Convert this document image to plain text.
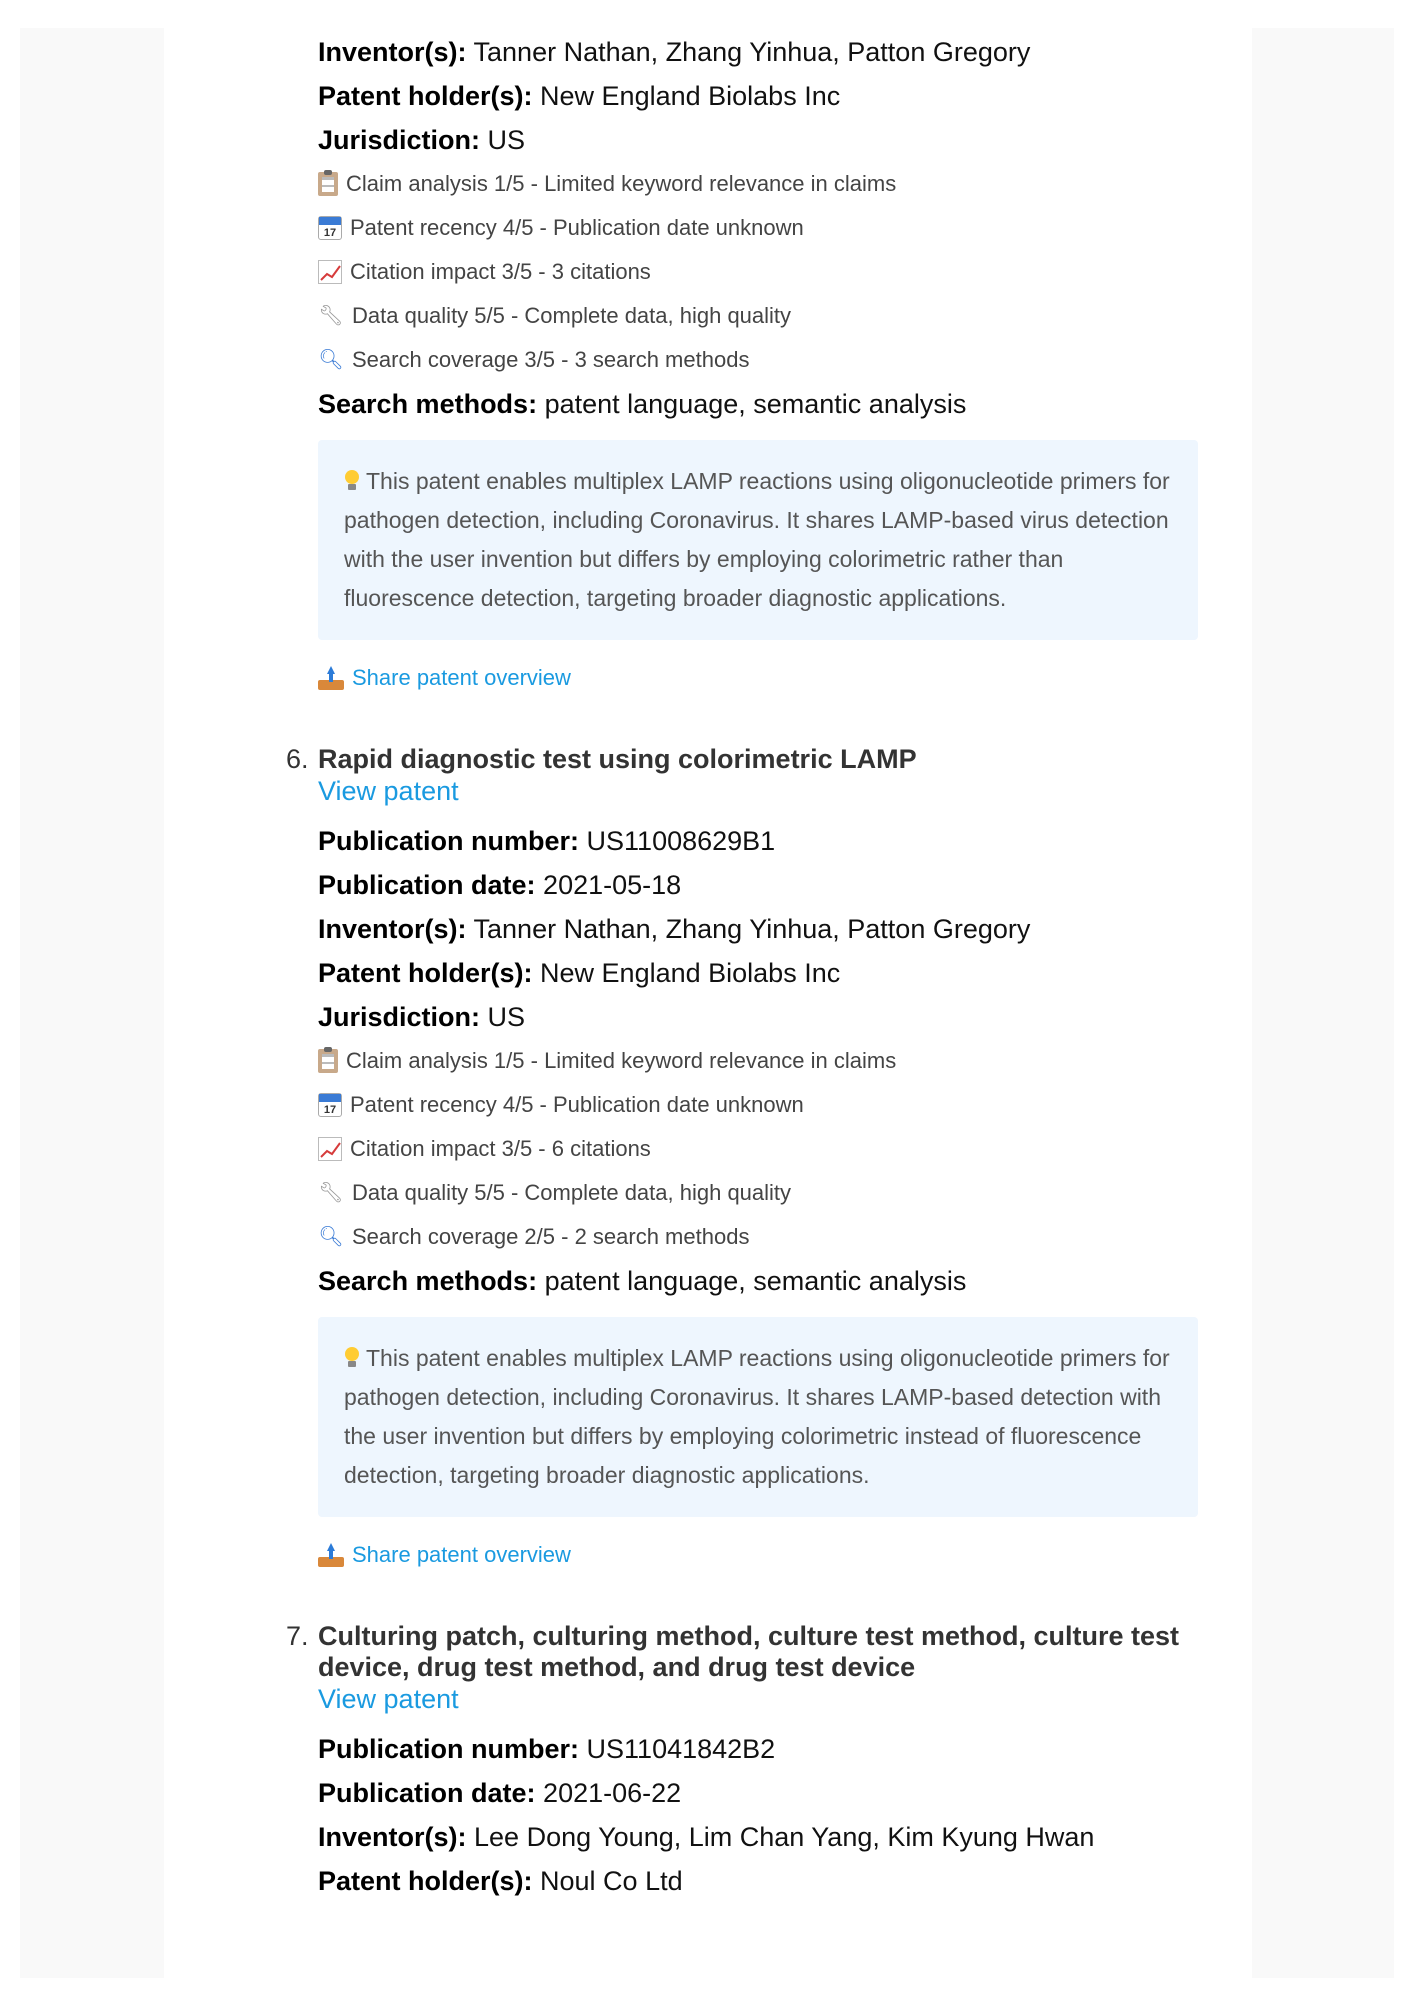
Inventor(s): Tanner Nathan, Zhang Yinhua, Patton Gregory
Patent holder(s): New England Biolabs Inc
Jurisdiction: US
Claim analysis 1/5 - Limited keyword relevance in claims
17
Patent recency 4/5 - Publication date unknown
Citation impact 3/5 - 3 citations
🔧︎ Data quality 5/5 - Complete data, high quality
🔍︎ Search coverage 3/5 - 3 search methods
Search methods: patent language, semantic analysis
This patent enables multiplex LAMP reactions using oligonucleotide primers for pathogen detection, including Coronavirus. It shares LAMP-based virus detection with the user invention but differs by employing colorimetric rather than fluorescence detection, targeting broader diagnostic applications.
Share patent overview
6. Rapid diagnostic test using colorimetric LAMP
View patent
Publication number: US11008629B1
Publication date: 2021-05-18
Inventor(s): Tanner Nathan, Zhang Yinhua, Patton Gregory
Patent holder(s): New England Biolabs Inc
Jurisdiction: US
Claim analysis 1/5 - Limited keyword relevance in claims
17
Patent recency 4/5 - Publication date unknown
Citation impact 3/5 - 6 citations
🔧︎ Data quality 5/5 - Complete data, high quality
🔍︎ Search coverage 2/5 - 2 search methods
Search methods: patent language, semantic analysis
This patent enables multiplex LAMP reactions using oligonucleotide primers for pathogen detection, including Coronavirus. It shares LAMP-based detection with the user invention but differs by employing colorimetric instead of fluorescence detection, targeting broader diagnostic applications.
Share patent overview
7. Culturing patch, culturing method, culture test method, culture test device, drug test method, and drug test device
View patent
Publication number: US11041842B2
Publication date: 2021-06-22
Inventor(s): Lee Dong Young, Lim Chan Yang, Kim Kyung Hwan
Patent holder(s): Noul Co Ltd
